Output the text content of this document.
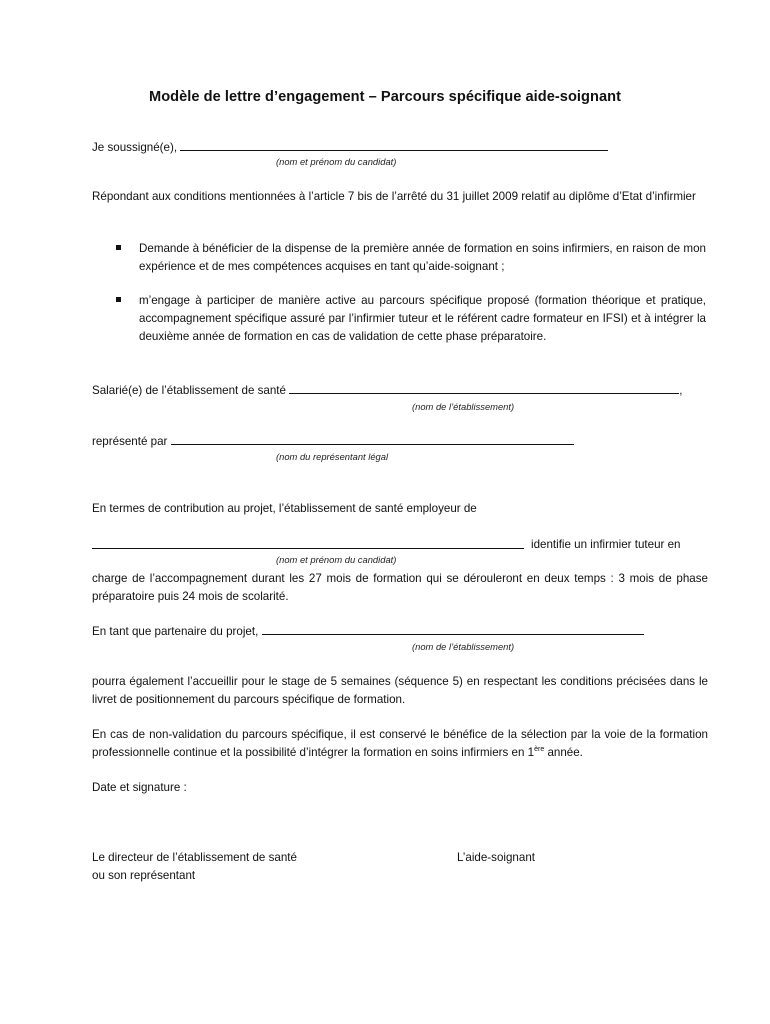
Modèle de lettre d’engagement – Parcours spécifique aide-soignant
Je soussigné(e),
(nom et prénom du candidat)
Répondant aux conditions mentionnées à l’article 7 bis de l’arrêté du 31 juillet 2009 relatif au diplôme d’Etat d’infirmier
Demande à bénéficier de la dispense de la première année de formation en soins infirmiers, en raison de mon expérience et de mes compétences acquises en tant qu’aide-soignant ;
m’engage à participer de manière active au parcours spécifique proposé (formation théorique et pratique, accompagnement spécifique assuré par l’infirmier tuteur et le référent cadre formateur en IFSI) et à intégrer la deuxième année de formation en cas de validation de cette phase préparatoire.
Salarié(e) de l’établissement de santé	,
(nom de l’établissement)
représenté par
(nom du représentant légal
En termes de contribution au projet, l’établissement de santé employeur de
identifie un infirmier tuteur en
(nom et prénom du candidat)
charge de l’accompagnement durant les 27 mois de formation qui se dérouleront en deux temps : 3 mois de phase préparatoire puis 24 mois de scolarité.
En tant que partenaire du projet,
(nom de l’établissement)
pourra également l’accueillir pour le stage de 5 semaines (séquence 5) en respectant les conditions précisées dans le livret de positionnement du parcours spécifique de formation.
En cas de non-validation du parcours spécifique, il est conservé le bénéfice de la sélection par la voie de la formation professionnelle continue et la possibilité d’intégrer la formation en soins infirmiers en 1ère année.
Date et signature :
Le directeur de l’établissement de santé
ou son représentant
L’aide-soignant
